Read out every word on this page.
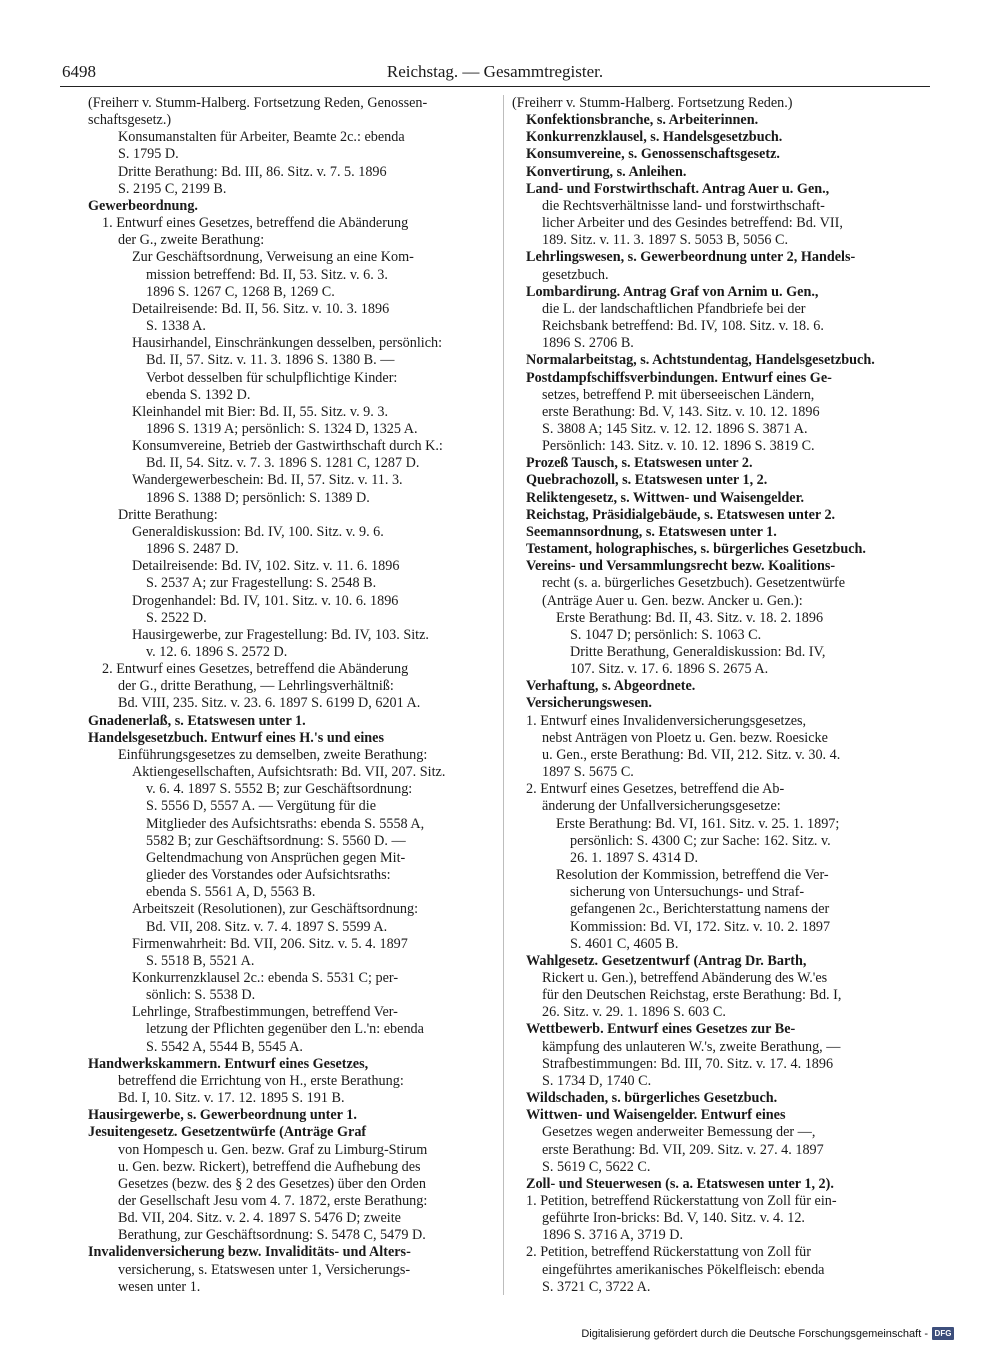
6498	Reichstag. — Gesammtregister.
(Freiherr v. Stumm-Halberg. Fortsetzung Reden, Genossen-
schaftsgesetz.)
Konsumanstalten für Arbeiter, Beamte 2c.: ebenda
S. 1795 D.
Dritte Berathung: Bd. III, 86. Sitz. v. 7. 5. 1896
S. 2195 C, 2199 B.
Gewerbeordnung.
1. Entwurf eines Gesetzes, betreffend die Abänderung
der G., zweite Berathung:
Zur Geschäftsordnung, Verweisung an eine Kom-
mission betreffend: Bd. II, 53. Sitz. v. 6. 3.
1896 S. 1267 C, 1268 B, 1269 C.
Detailreisende: Bd. II, 56. Sitz. v. 10. 3. 1896
S. 1338 A.
Hausirhandel, Einschränkungen desselben, persönlich:
Bd. II, 57. Sitz. v. 11. 3. 1896 S. 1380 B. —
Verbot desselben für schulpflichtige Kinder:
ebenda S. 1392 D.
Kleinhandel mit Bier: Bd. II, 55. Sitz. v. 9. 3.
1896 S. 1319 A; persönlich: S. 1324 D, 1325 A.
Konsumvereine, Betrieb der Gastwirthschaft durch K.:
Bd. II, 54. Sitz. v. 7. 3. 1896 S. 1281 C, 1287 D.
Wandergewerbeschein: Bd. II, 57. Sitz. v. 11. 3.
1896 S. 1388 D; persönlich: S. 1389 D.
Dritte Berathung:
Generaldiskussion: Bd. IV, 100. Sitz. v. 9. 6.
1896 S. 2487 D.
Detailreisende: Bd. IV, 102. Sitz. v. 11. 6. 1896
S. 2537 A; zur Fragestellung: S. 2548 B.
Drogenhandel: Bd. IV, 101. Sitz. v. 10. 6. 1896
S. 2522 D.
Hausirgewerbe, zur Fragestellung: Bd. IV, 103. Sitz.
v. 12. 6. 1896 S. 2572 D.
2. Entwurf eines Gesetzes, betreffend die Abänderung
der G., dritte Berathung, — Lehrlingsverhältniß:
Bd. VIII, 235. Sitz. v. 23. 6. 1897 S. 6199 D, 6201 A.
Gnadenerlaß, s. Etatswesen unter 1.
Handelsgesetzbuch. Entwurf eines H.'s und eines
Einführungsgesetzes zu demselben, zweite Berathung:
Aktiengesellschaften, Aufsichtsrath: Bd. VII, 207. Sitz.
v. 6. 4. 1897 S. 5552 B; zur Geschäftsordnung:
S. 5556 D, 5557 A. — Vergütung für die
Mitglieder des Aufsichtsraths: ebenda S. 5558 A,
5582 B; zur Geschäftsordnung: S. 5560 D. —
Geltendmachung von Ansprüchen gegen Mit-
glieder des Vorstandes oder Aufsichtsraths:
ebenda S. 5561 A, D, 5563 B.
Arbeitszeit (Resolutionen), zur Geschäftsordnung:
Bd. VII, 208. Sitz. v. 7. 4. 1897 S. 5599 A.
Firmenwahrheit: Bd. VII, 206. Sitz. v. 5. 4. 1897
S. 5518 B, 5521 A.
Konkurrenzklausel 2c.: ebenda S. 5531 C; per-
sönlich: S. 5538 D.
Lehrlinge, Strafbestimmungen, betreffend Ver-
letzung der Pflichten gegenüber den L.'n: ebenda
S. 5542 A, 5544 B, 5545 A.
Handwerkskammern. Entwurf eines Gesetzes,
betreffend die Errichtung von H., erste Berathung:
Bd. I, 10. Sitz. v. 17. 12. 1895 S. 191 B.
Hausirgewerbe, s. Gewerbeordnung unter 1.
Jesuitengesetz. Gesetzentwürfe (Anträge Graf
von Hompesch u. Gen. bezw. Graf zu Limburg-Stirum
u. Gen. bezw. Rickert), betreffend die Aufhebung des
Gesetzes (bezw. des § 2 des Gesetzes) über den Orden
der Gesellschaft Jesu vom 4. 7. 1872, erste Berathung:
Bd. VII, 204. Sitz. v. 2. 4. 1897 S. 5476 D; zweite
Berathung, zur Geschäftsordnung: S. 5478 C, 5479 D.
Invalidenversicherung bezw. Invaliditäts- und Alters-
versicherung, s. Etatswesen unter 1, Versicherungs-
wesen unter 1.
(Freiherr v. Stumm-Halberg. Fortsetzung Reden.)
Konfektionsbranche, s. Arbeiterinnen.
Konkurrenzklausel, s. Handelsgesetzbuch.
Konsumvereine, s. Genossenschaftsgesetz.
Konvertirung, s. Anleihen.
Land- und Forstwirthschaft. Antrag Auer u. Gen.,
die Rechtsverhältnisse land- und forstwirthschaft-
licher Arbeiter und des Gesindes betreffend: Bd. VII,
189. Sitz. v. 11. 3. 1897 S. 5053 B, 5056 C.
Lehrlingswesen, s. Gewerbeordnung unter 2, Handels-
gesetzbuch.
Lombardirung. Antrag Graf von Arnim u. Gen.,
die L. der landschaftlichen Pfandbriefe bei der
Reichsbank betreffend: Bd. IV, 108. Sitz. v. 18. 6.
1896 S. 2706 B.
Normalarbeitstag, s. Achtstundentag, Handelsgesetzbuch.
Postdampfschiffsverbindungen. Entwurf eines Ge-
setzes, betreffend P. mit überseeischen Ländern,
erste Berathung: Bd. V, 143. Sitz. v. 10. 12. 1896
S. 3808 A; 145 Sitz. v. 12. 12. 1896 S. 3871 A.
Persönlich: 143. Sitz. v. 10. 12. 1896 S. 3819 C.
Prozeß Tausch, s. Etatswesen unter 2.
Quebrachozoll, s. Etatswesen unter 1, 2.
Reliktengesetz, s. Wittwen- und Waisengelder.
Reichstag, Präsidialgebäude, s. Etatswesen unter 2.
Seemannsordnung, s. Etatswesen unter 1.
Testament, holographisches, s. bürgerliches Gesetzbuch.
Vereins- und Versammlungsrecht bezw. Koalitions-
recht (s. a. bürgerliches Gesetzbuch). Gesetzentwürfe
(Anträge Auer u. Gen. bezw. Ancker u. Gen.):
Erste Berathung: Bd. II, 43. Sitz. v. 18. 2. 1896
S. 1047 D; persönlich: S. 1063 C.
Dritte Berathung, Generaldiskussion: Bd. IV,
107. Sitz. v. 17. 6. 1896 S. 2675 A.
Verhaftung, s. Abgeordnete.
Versicherungswesen.
1. Entwurf eines Invalidenversicherungsgesetzes,
nebst Anträgen von Ploetz u. Gen. bezw. Roesicke
u. Gen., erste Berathung: Bd. VII, 212. Sitz. v. 30. 4.
1897 S. 5675 C.
2. Entwurf eines Gesetzes, betreffend die Ab-
änderung der Unfallversicherungsgesetze:
Erste Berathung: Bd. VI, 161. Sitz. v. 25. 1. 1897;
persönlich: S. 4300 C; zur Sache: 162. Sitz. v.
26. 1. 1897 S. 4314 D.
Resolution der Kommission, betreffend die Ver-
sicherung von Untersuchungs- und Straf-
gefangenen 2c., Berichterstattung namens der
Kommission: Bd. VI, 172. Sitz. v. 10. 2. 1897
S. 4601 C, 4605 B.
Wahlgesetz. Gesetzentwurf (Antrag Dr. Barth,
Rickert u. Gen.), betreffend Abänderung des W.'es
für den Deutschen Reichstag, erste Berathung: Bd. I,
26. Sitz. v. 29. 1. 1896 S. 603 C.
Wettbewerb. Entwurf eines Gesetzes zur Be-
kämpfung des unlauteren W.'s, zweite Berathung, —
Strafbestimmungen: Bd. III, 70. Sitz. v. 17. 4. 1896
S. 1734 D, 1740 C.
Wildschaden, s. bürgerliches Gesetzbuch.
Wittwen- und Waisengelder. Entwurf eines
Gesetzes wegen anderweiter Bemessung der —,
erste Berathung: Bd. VII, 209. Sitz. v. 27. 4. 1897
S. 5619 C, 5622 C.
Zoll- und Steuerwesen (s. a. Etatswesen unter 1, 2).
1. Petition, betreffend Rückerstattung von Zoll für ein-
geführte Iron-bricks: Bd. V, 140. Sitz. v. 4. 12.
1896 S. 3716 A, 3719 D.
2. Petition, betreffend Rückerstattung von Zoll für
eingeführtes amerikanisches Pökelfleisch: ebenda
S. 3721 C, 3722 A.
Digitalisierung gefördert durch die Deutsche Forschungsgemeinschaft - DFG
